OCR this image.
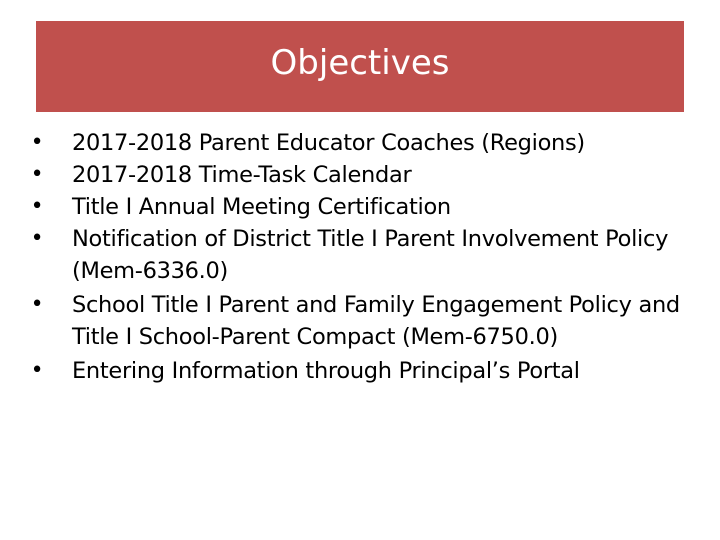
Objectives
• 2017-2018 Parent Educator Coaches (Regions)
• 2017-2018 Time-Task Calendar
• Title I Annual Meeting Certification
• Notification of District Title I Parent Involvement Policy (Mem-6336.0)
• School Title I Parent and Family Engagement Policy and Title I School-Parent Compact (Mem-6750.0)
• Entering Information through Principal’s Portal
